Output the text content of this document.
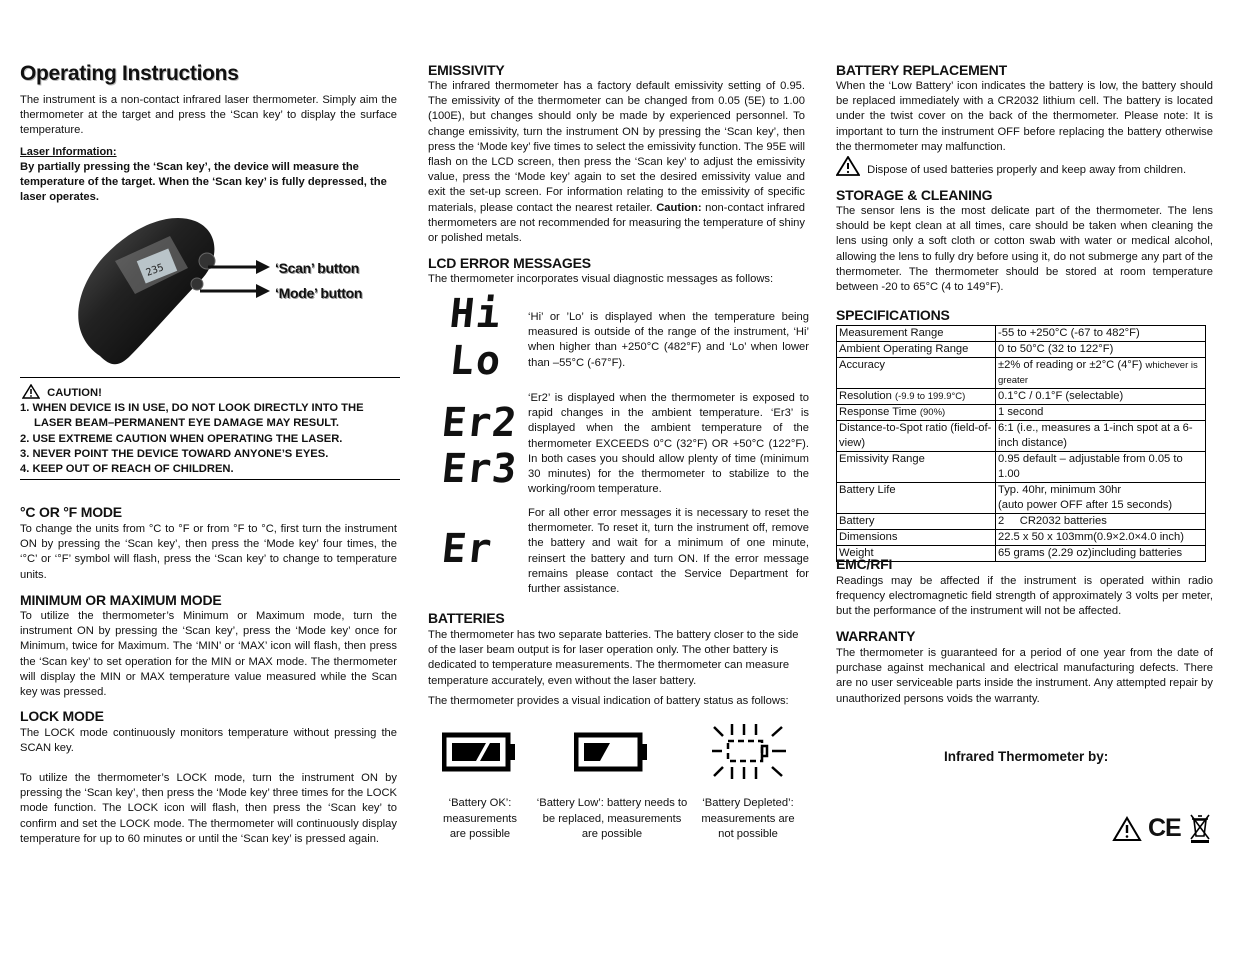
Operating Instructions
The instrument is a non-contact infrared laser thermometer. Simply aim the thermometer at the target and press the ‘Scan key’ to display the surface temperature.
Laser Information:
By partially pressing the ‘Scan key’, the device will measure the temperature of the target. When the ‘Scan key’ is fully depressed, the laser operates.
235	‘Scan’ button
‘Mode’ button
CAUTION!
1. WHEN DEVICE IS IN USE, DO NOT LOOK DIRECTLY INTO THE LASER BEAM–PERMANENT EYE DAMAGE MAY RESULT.
2. USE EXTREME CAUTION WHEN OPERATING THE LASER.
3. NEVER POINT THE DEVICE TOWARD ANYONE’S EYES.
4. KEEP OUT OF REACH OF CHILDREN.
°C OR °F MODE
To change the units from °C to °F or from °F to °C, first turn the instrument ON by pressing the ‘Scan key’, then press the ‘Mode key’ four times, the ‘°C’ or ‘°F’ symbol will flash, press the ‘Scan key’ to change to temperature units.
MINIMUM OR MAXIMUM MODE
To utilize the thermometer’s Minimum or Maximum mode, turn the instrument ON by pressing the ‘Scan key’, press the ‘Mode key’ once for Minimum, twice for Maximum. The ‘MIN’ or ‘MAX’ icon will flash, then press the ‘Scan key’ to set operation for the MIN or MAX mode. The thermometer will display the MIN or MAX temperature value measured while the Scan key was pressed.
LOCK MODE
The LOCK mode continuously monitors temperature without pressing the SCAN key.
To utilize the thermometer’s LOCK mode, turn the instrument ON by pressing the ‘Scan key’, then press the ‘Mode key’ three times for the LOCK mode function. The LOCK icon will flash, then press the ‘Scan key’ to confirm and set the LOCK mode. The thermometer will continuously display temperature for up to 60 minutes or until the ‘Scan key’ is pressed again.
EMISSIVITY
The infrared thermometer has a factory default emissivity setting of 0.95. The emissivity of the thermometer can be changed from 0.05 (5E) to 1.00 (100E), but changes should only be made by experienced personnel. To change emissivity, turn the instrument ON by pressing the ‘Scan key’, then press the ‘Mode key’ five times to select the emissivity function. The 95E will flash on the LCD screen, then press the ‘Scan key’ to adjust the emissivity value, press the ‘Mode key’ again to set the desired emissivity value and exit the set-up screen. For information relating to the emissivity of specific materials, please contact the nearest retailer. Caution: non-contact infrared thermometers are not recommended for measuring the temperature of shiny or polished metals.
LCD ERROR MESSAGES
The thermometer incorporates visual diagnostic messages as follows:
Hi
Lo
Er2
Er3
Er
‘Hi’ or ’Lo’ is displayed when the temperature being measured is outside of the range of the instrument, ‘Hi’ when higher than +250°C (482°F) and ‘Lo’ when lower than –55°C (-67°F).
‘Er2’ is displayed when the thermometer is exposed to rapid changes in the ambient temperature. ‘Er3’ is displayed when the ambient temperature of the thermometer EXCEEDS 0°C (32°F) OR +50°C (122°F). In both cases you should allow plenty of time (minimum 30 minutes) for the thermometer to stabilize to the working/room temperature.
For all other error messages it is necessary to reset the thermometer. To reset it, turn the instrument off, remove the battery and wait for a minimum of one minute, reinsert the battery and turn ON. If the error message remains please contact the Service Department for further assistance.
BATTERIES
The thermometer has two separate batteries. The battery closer to the side of the laser beam output is for laser operation only. The other battery is dedicated to temperature measurements. The thermometer can measure temperature accurately, even without the laser battery.
The thermometer provides a visual indication of battery status as follows:
‘Battery OK’: measurements are possible
‘Battery Low’: battery needs to be replaced, measurements are possible
‘Battery Depleted’: measurements are not possible
BATTERY REPLACEMENT
When the ‘Low Battery’ icon indicates the battery is low, the battery should be replaced immediately with a CR2032 lithium cell. The battery is located under the twist cover on the back of the thermometer. Please note: It is important to turn the instrument OFF before replacing the battery otherwise the thermometer may malfunction.
Dispose of used batteries properly and keep away from children.
STORAGE & CLEANING
The sensor lens is the most delicate part of the thermometer. The lens should be kept clean at all times, care should be taken when cleaning the lens using only a soft cloth or cotton swab with water or medical alcohol, allowing the lens to fully dry before using it, do not submerge any part of the thermometer. The thermometer should be stored at room temperature between -20 to 65°C (4 to 149°F).
SPECIFICATIONS
Measurement Range	-55 to +250°C (-67 to 482°F)
Ambient Operating Range	0 to 50°C (32 to 122°F)
Accuracy	±2% of reading or ±2°C (4°F) whichever is greater
Resolution (-9.9 to 199.9°C)	0.1°C / 0.1°F (selectable)
Response Time (90%)	1 second
Distance-to-Spot ratio (field-of-view)	6:1 (i.e., measures a 1-inch spot at a 6-inch distance)
Emissivity Range	0.95 default – adjustable from 0.05 to 1.00
Battery Life	Typ. 40hr, minimum 30hr
(auto power OFF after 15 seconds)

Battery	2     CR2032 batteries
Dimensions	22.5 x 50 x 103mm(0.9×2.0×4.0 inch)
Weight	65 grams (2.29 oz)including batteries
EMC/RFI
Readings may be affected if the instrument is operated within radio frequency electromagnetic field strength of approximately 3 volts per meter, but the performance of the instrument will not be affected.
WARRANTY
The thermometer is guaranteed for a period of one year from the date of purchase against mechanical and electrical manufacturing defects. There are no user serviceable parts inside the instrument. Any attempted repair by unauthorized persons voids the warranty.
Infrared Thermometer by:
CE
